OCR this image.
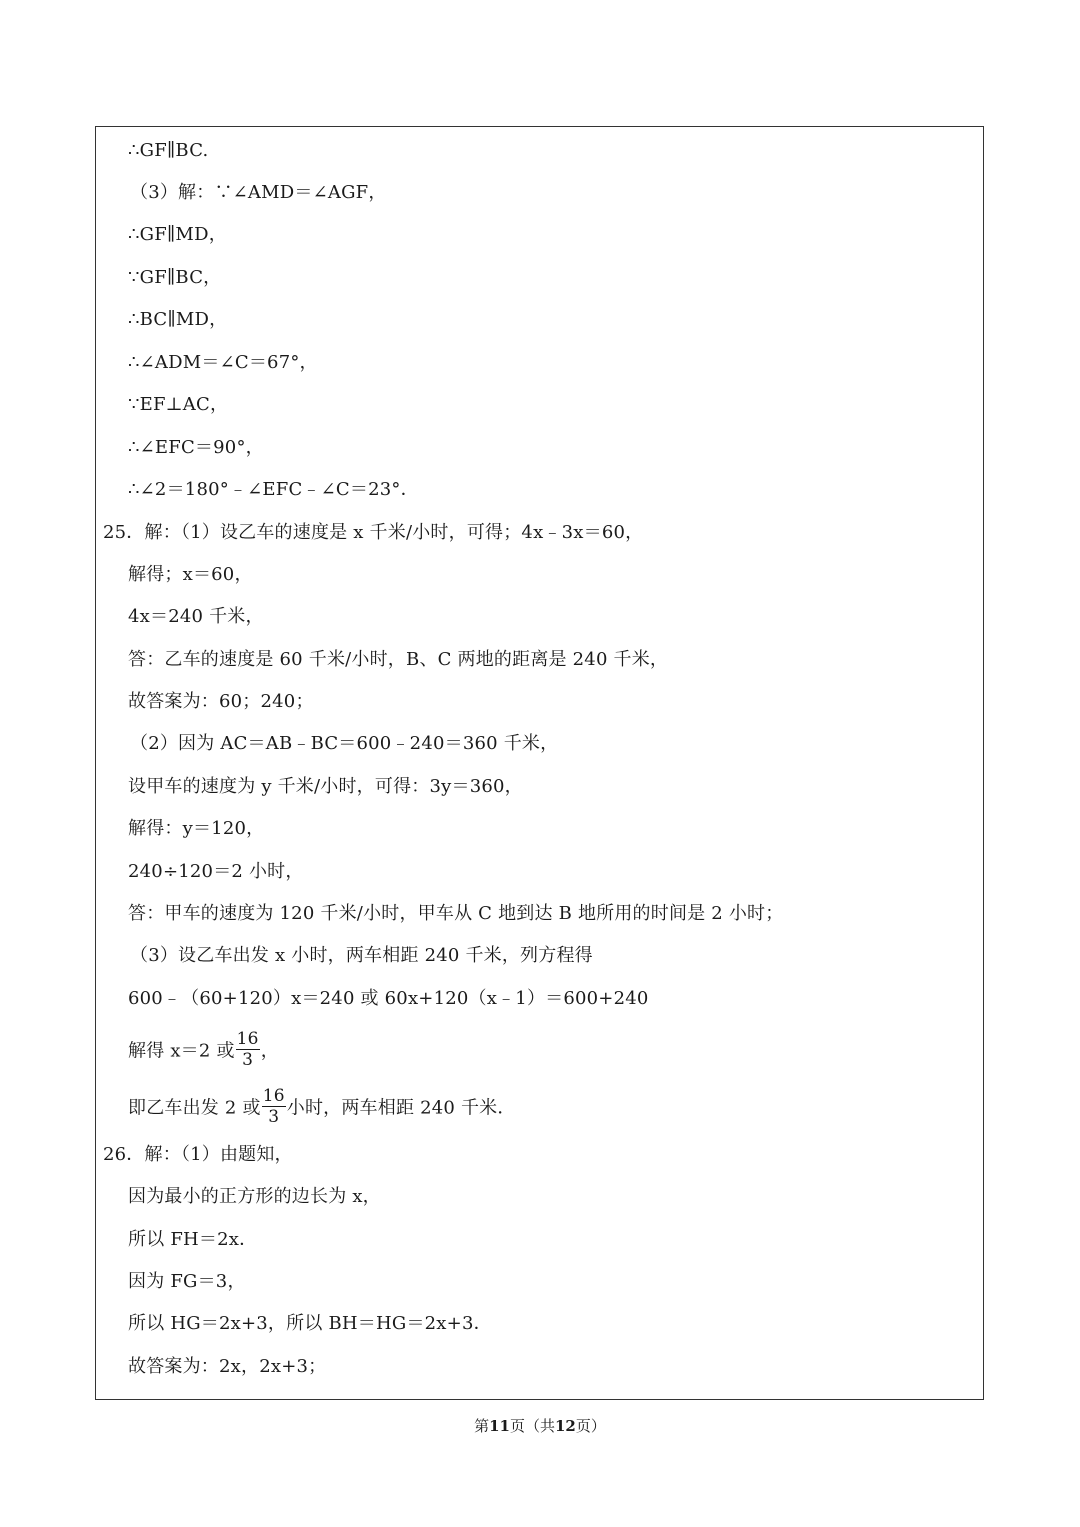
∴GF∥BC.
（3）解：∵∠AMD＝∠AGF，
∴GF∥MD，
∵GF∥BC，
∴BC∥MD，
∴∠ADM＝∠C＝67°，
∵EF⊥AC，
∴∠EFC＝90°，
∴∠2＝180°﹣∠EFC﹣∠C＝23°．
25．解：（1）设乙车的速度是 x 千米/小时，可得；4x﹣3x＝60，
解得；x＝60，
4x＝240 千米，
答：乙车的速度是 60 千米/小时，B、C 两地的距离是 240 千米，
故答案为：60；240；
（2）因为 AC＝AB﹣BC＝600﹣240＝360 千米，
设甲车的速度为 y 千米/小时，可得：3y＝360，
解得：y＝120，
240÷120＝2 小时，
答：甲车的速度为 120 千米/小时，甲车从 C 地到达 B 地所用的时间是 2 小时；
（3）设乙车出发 x 小时，两车相距 240 千米，列方程得
600﹣（60+120）x＝240 或 60x+120（x﹣1）＝600+240
解得 x＝2 或 $\frac{16}{3}$ ，
即乙车出发 2 或 $\frac{16}{3}$ 小时，两车相距 240 千米．
26．解：（1）由题知，
因为最小的正方形的边长为 x，
所以 FH＝2x．
因为 FG＝3，
所以 HG＝2x+3，所以 BH＝HG＝2x+3．
故答案为：2x，2x+3；
第11页（共12页）
